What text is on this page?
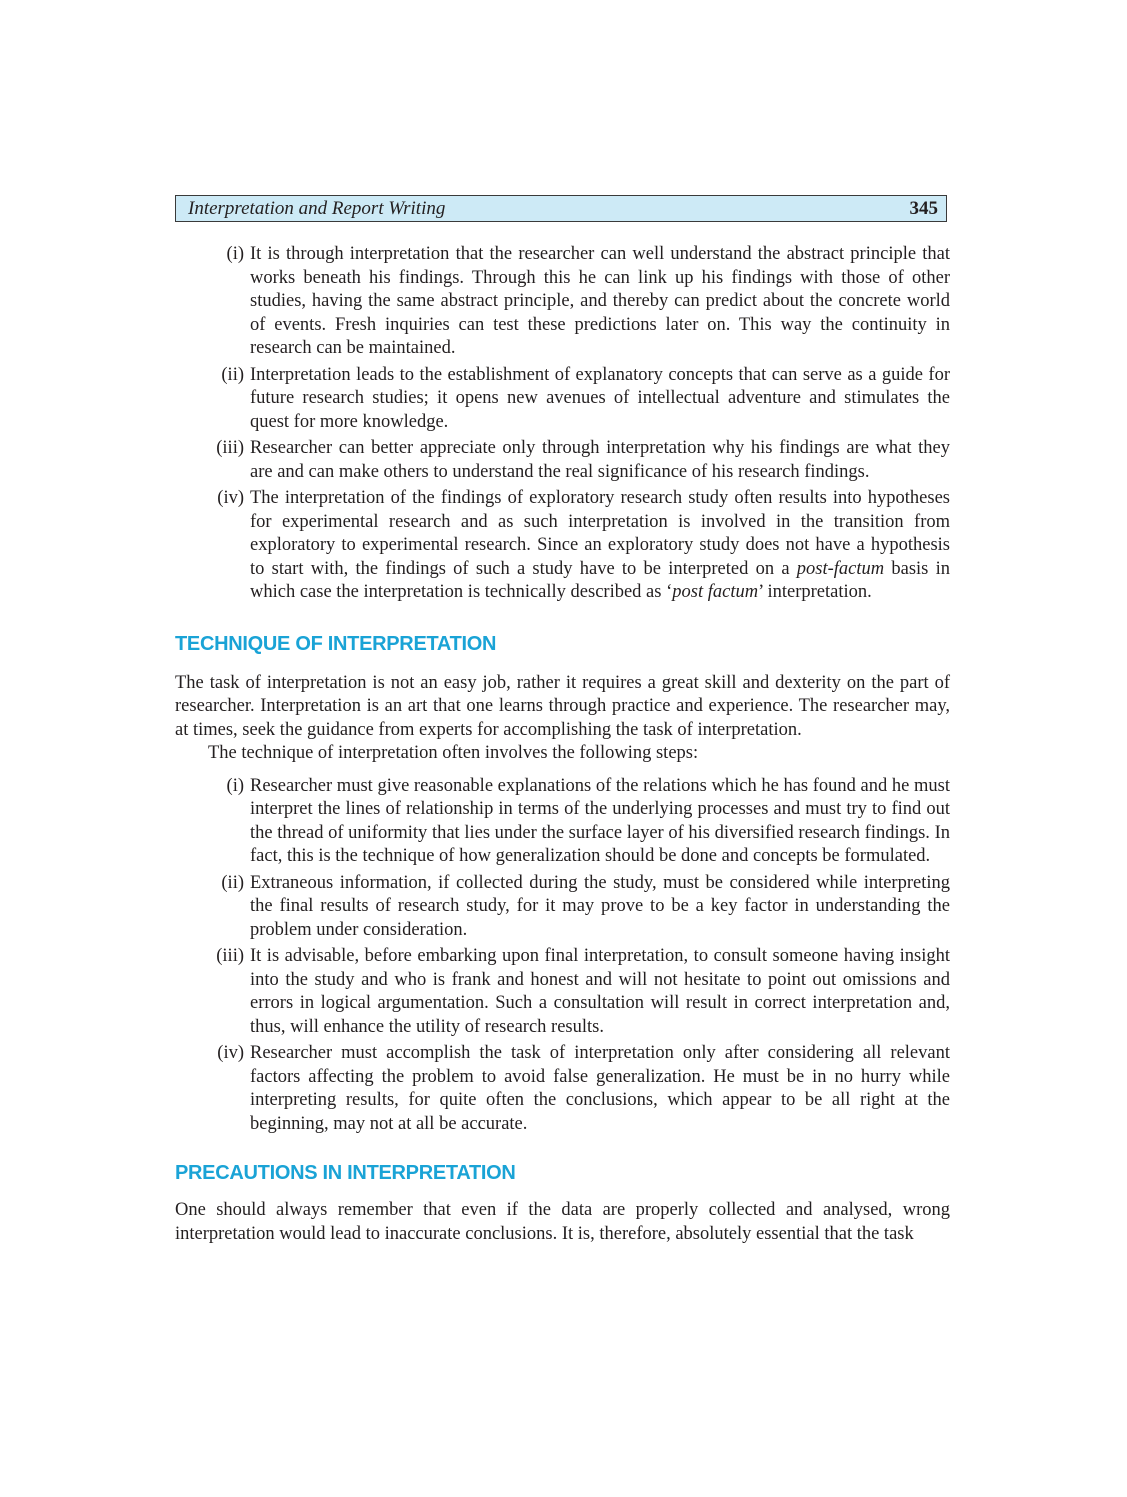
Interpretation and Report Writing	345
(i) It is through interpretation that the researcher can well understand the abstract principle that works beneath his findings. Through this he can link up his findings with those of other studies, having the same abstract principle, and thereby can predict about the concrete world of events. Fresh inquiries can test these predictions later on. This way the continuity in research can be maintained.
(ii) Interpretation leads to the establishment of explanatory concepts that can serve as a guide for future research studies; it opens new avenues of intellectual adventure and stimulates the quest for more knowledge.
(iii) Researcher can better appreciate only through interpretation why his findings are what they are and can make others to understand the real significance of his research findings.
(iv) The interpretation of the findings of exploratory research study often results into hypotheses for experimental research and as such interpretation is involved in the transition from exploratory to experimental research. Since an exploratory study does not have a hypothesis to start with, the findings of such a study have to be interpreted on a post-factum basis in which case the interpretation is technically described as ‘post factum’ interpretation.
TECHNIQUE OF INTERPRETATION

The task of interpretation is not an easy job, rather it requires a great skill and dexterity on the part of researcher. Interpretation is an art that one learns through practice and experience. The researcher may, at times, seek the guidance from experts for accomplishing the task of interpretation.

The technique of interpretation often involves the following steps:

(i) Researcher must give reasonable explanations of the relations which he has found and he must interpret the lines of relationship in terms of the underlying processes and must try to find out the thread of uniformity that lies under the surface layer of his diversified research findings. In fact, this is the technique of how generalization should be done and concepts be formulated.
(ii) Extraneous information, if collected during the study, must be considered while interpreting the final results of research study, for it may prove to be a key factor in understanding the problem under consideration.
(iii) It is advisable, before embarking upon final interpretation, to consult someone having insight into the study and who is frank and honest and will not hesitate to point out omissions and errors in logical argumentation. Such a consultation will result in correct interpretation and, thus, will enhance the utility of research results.
(iv) Researcher must accomplish the task of interpretation only after considering all relevant factors affecting the problem to avoid false generalization. He must be in no hurry while interpreting results, for quite often the conclusions, which appear to be all right at the beginning, may not at all be accurate.
PRECAUTIONS IN INTERPRETATION

One should always remember that even if the data are properly collected and analysed, wrong interpretation would lead to inaccurate conclusions. It is, therefore, absolutely essential that the task
